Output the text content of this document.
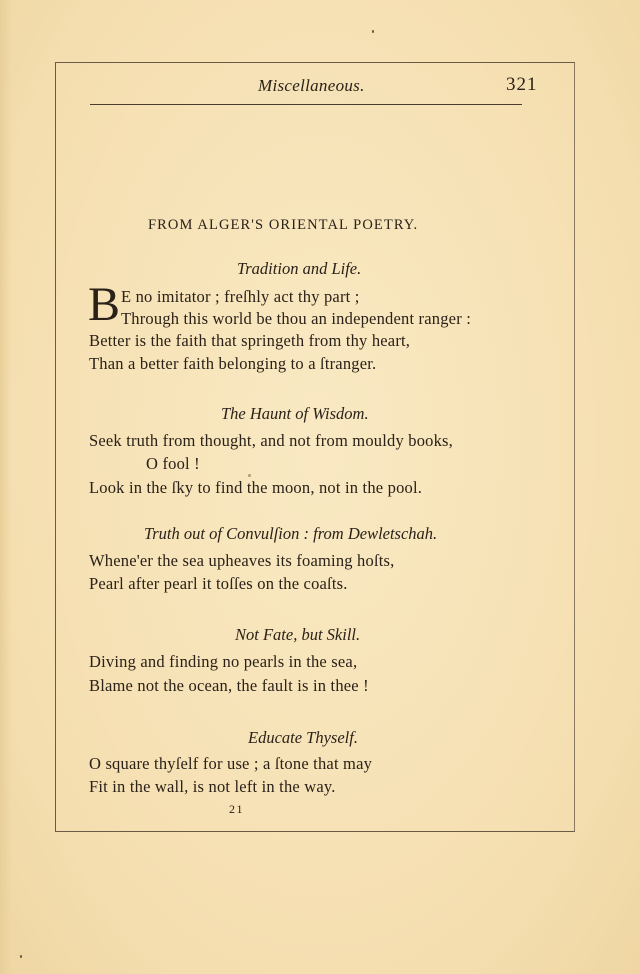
Miscellaneous.	321
FROM ALGER'S ORIENTAL POETRY.
Tradition and Life.
B E no imitator ; freſhly act thy part ;
Through this world be thou an independent ranger :
Better is the faith that springeth from thy heart,
Than a better faith belonging to a ſtranger.
The Haunt of Wisdom.
Seek truth from thought, and not from mouldy books,
O fool !
Look in the ſky to find the moon, not in the pool.
Truth out of Convulſion : from Dewletschah.
Whene'er the sea upheaves its foaming hoſts,
Pearl after pearl it toſſes on the coaſts.
Not Fate, but Skill.
Diving and finding no pearls in the sea,
Blame not the ocean, the fault is in thee !
Educate Thyself.
O square thyſelf for use ; a ſtone that may
Fit in the wall, is not left in the way.
21
